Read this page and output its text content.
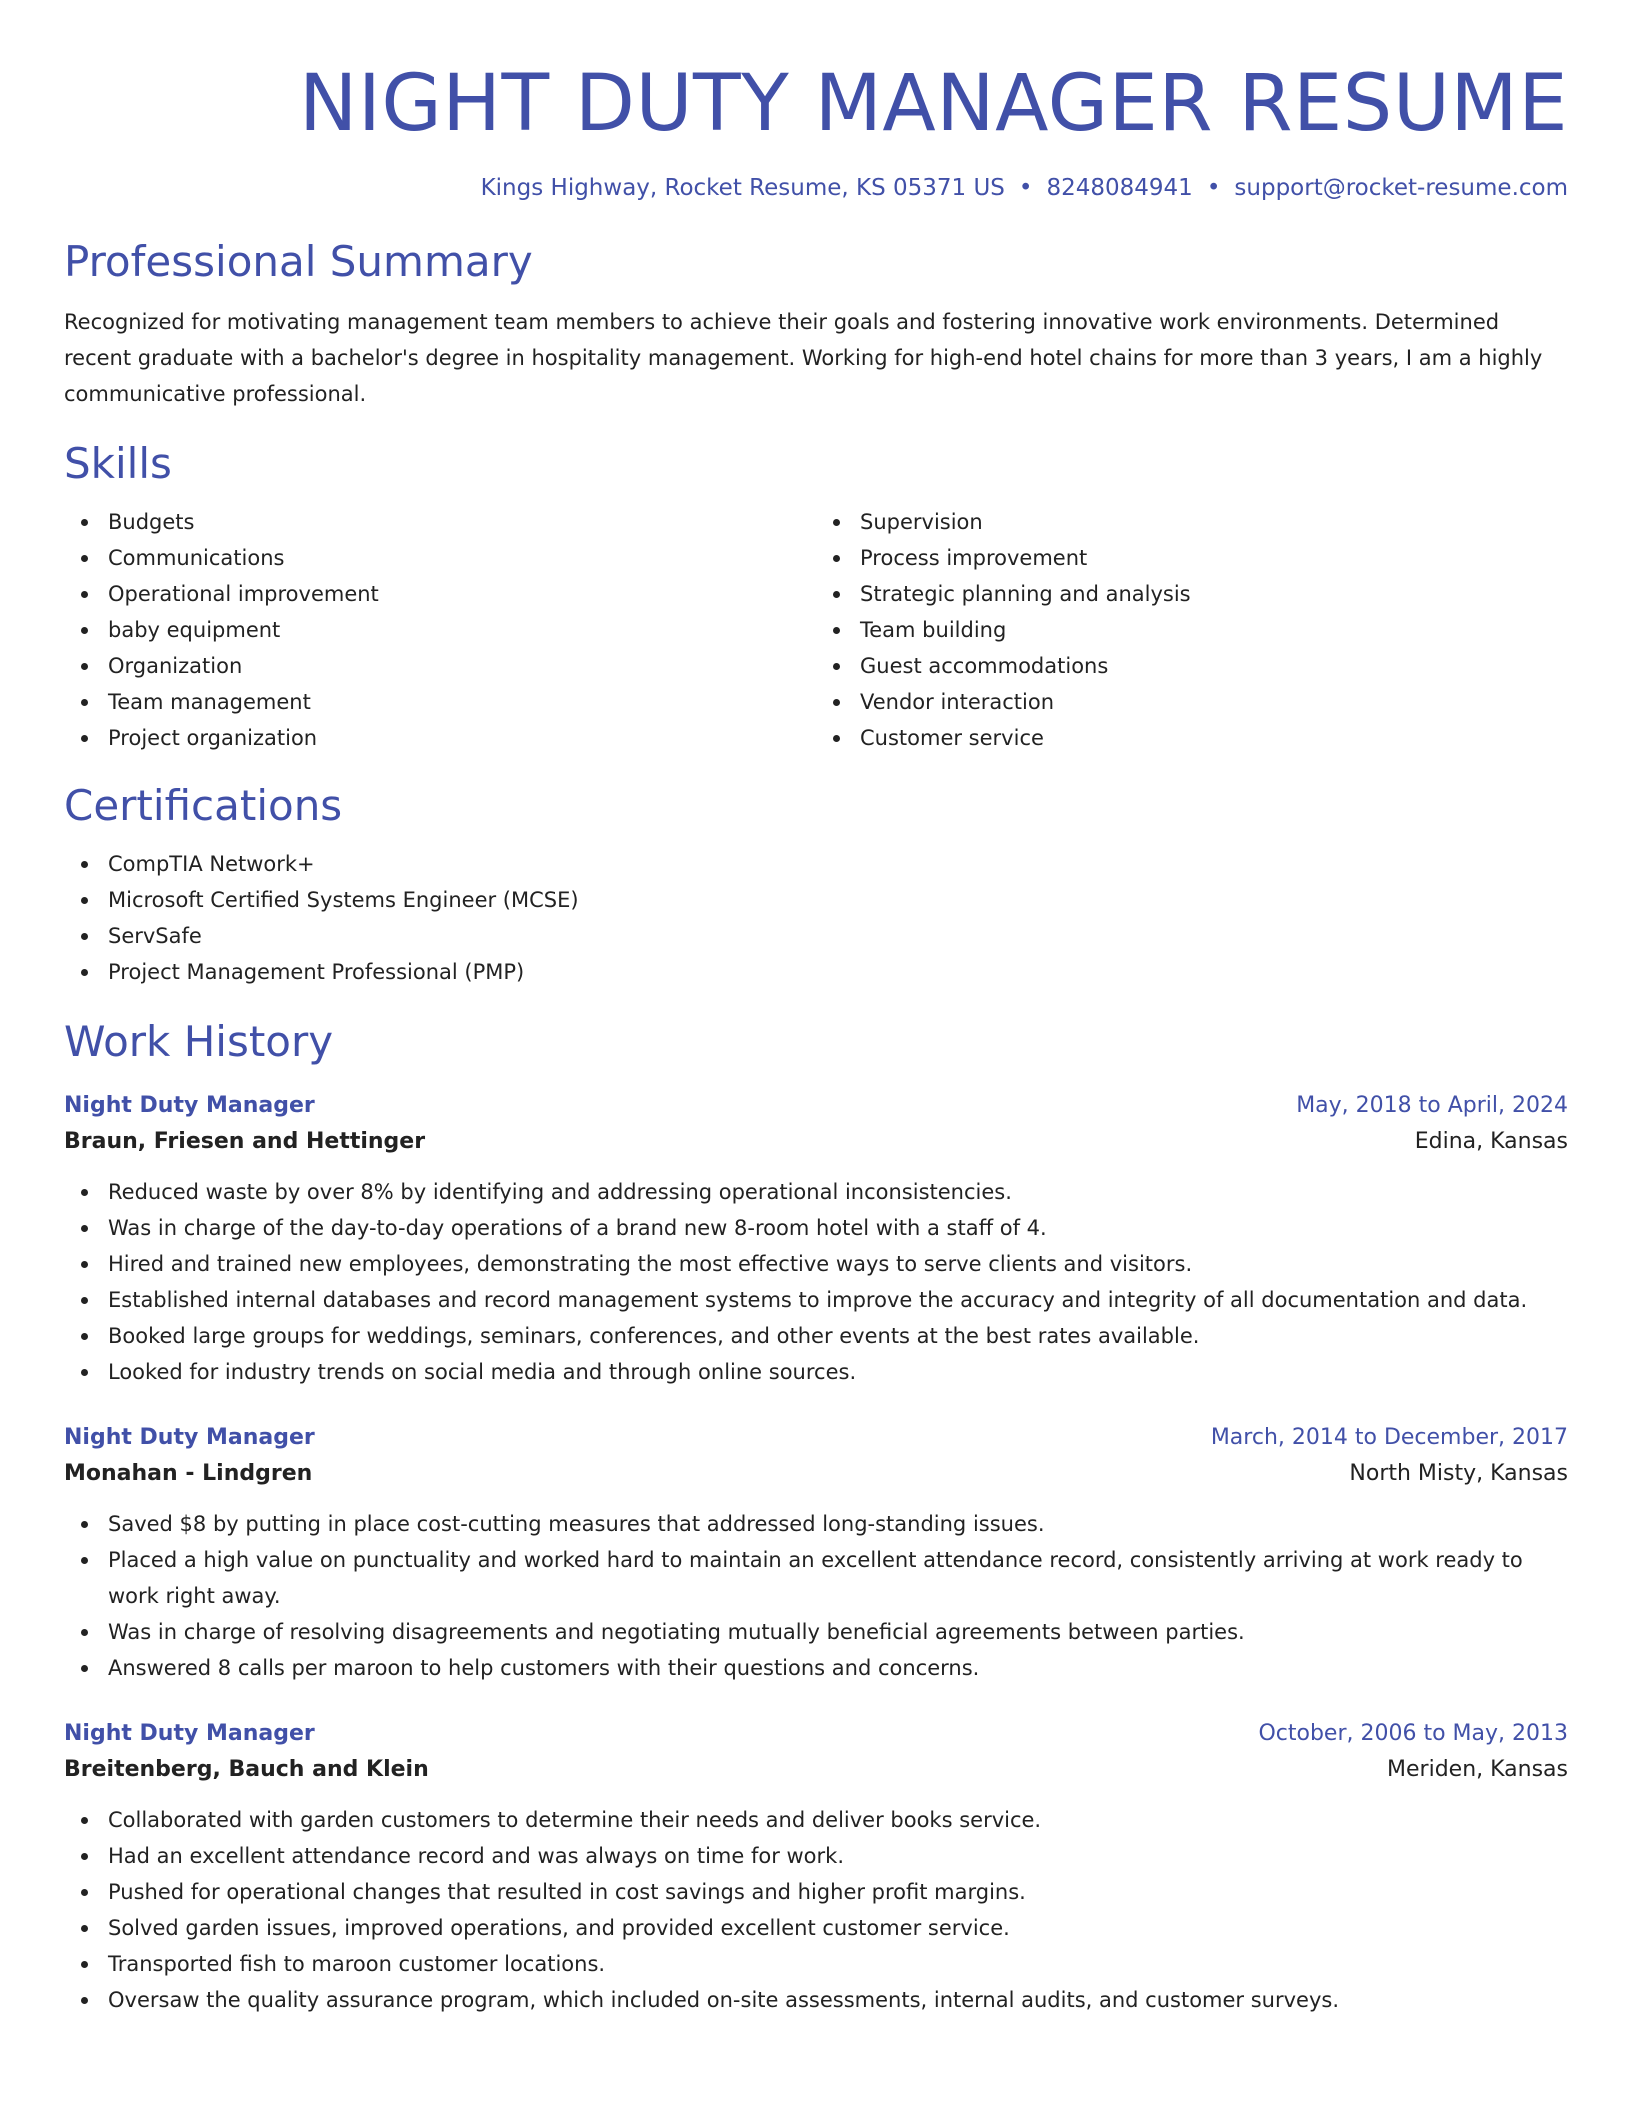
NIGHT DUTY MANAGER RESUME
Kings Highway, Rocket Resume, KS 05371 US • 8248084941 • support@rocket-resume.com
Professional Summary

Recognized for motivating management team members to achieve their goals and fostering innovative work environments. Determined recent graduate with a bachelor's degree in hospitality management. Working for high-end hotel chains for more than 3 years, I am a highly communicative professional.

Skills
Budgets
Communications
Operational improvement
baby equipment
Organization
Team management
Project organization
Supervision
Process improvement
Strategic planning and analysis
Team building
Guest accommodations
Vendor interaction
Customer service
Certifications
CompTIA Network+
Microsoft Certified Systems Engineer (MCSE)
ServSafe
Project Management Professional (PMP)
Work History
Night Duty Manager	May, 2018 to April, 2024
Braun, Friesen and Hettinger	Edina, Kansas
Reduced waste by over 8% by identifying and addressing operational inconsistencies.
Was in charge of the day-to-day operations of a brand new 8-room hotel with a staff of 4.
Hired and trained new employees, demonstrating the most effective ways to serve clients and visitors.
Established internal databases and record management systems to improve the accuracy and integrity of all documentation and data.
Booked large groups for weddings, seminars, conferences, and other events at the best rates available.
Looked for industry trends on social media and through online sources.
Night Duty Manager	March, 2014 to December, 2017
Monahan - Lindgren	North Misty, Kansas
Saved $8 by putting in place cost-cutting measures that addressed long-standing issues.
Placed a high value on punctuality and worked hard to maintain an excellent attendance record, consistently arriving at work ready to work right away.
Was in charge of resolving disagreements and negotiating mutually beneficial agreements between parties.
Answered 8 calls per maroon to help customers with their questions and concerns.
Night Duty Manager	October, 2006 to May, 2013
Breitenberg, Bauch and Klein	Meriden, Kansas
Collaborated with garden customers to determine their needs and deliver books service.
Had an excellent attendance record and was always on time for work.
Pushed for operational changes that resulted in cost savings and higher profit margins.
Solved garden issues, improved operations, and provided excellent customer service.
Transported fish to maroon customer locations.
Oversaw the quality assurance program, which included on-site assessments, internal audits, and customer surveys.
